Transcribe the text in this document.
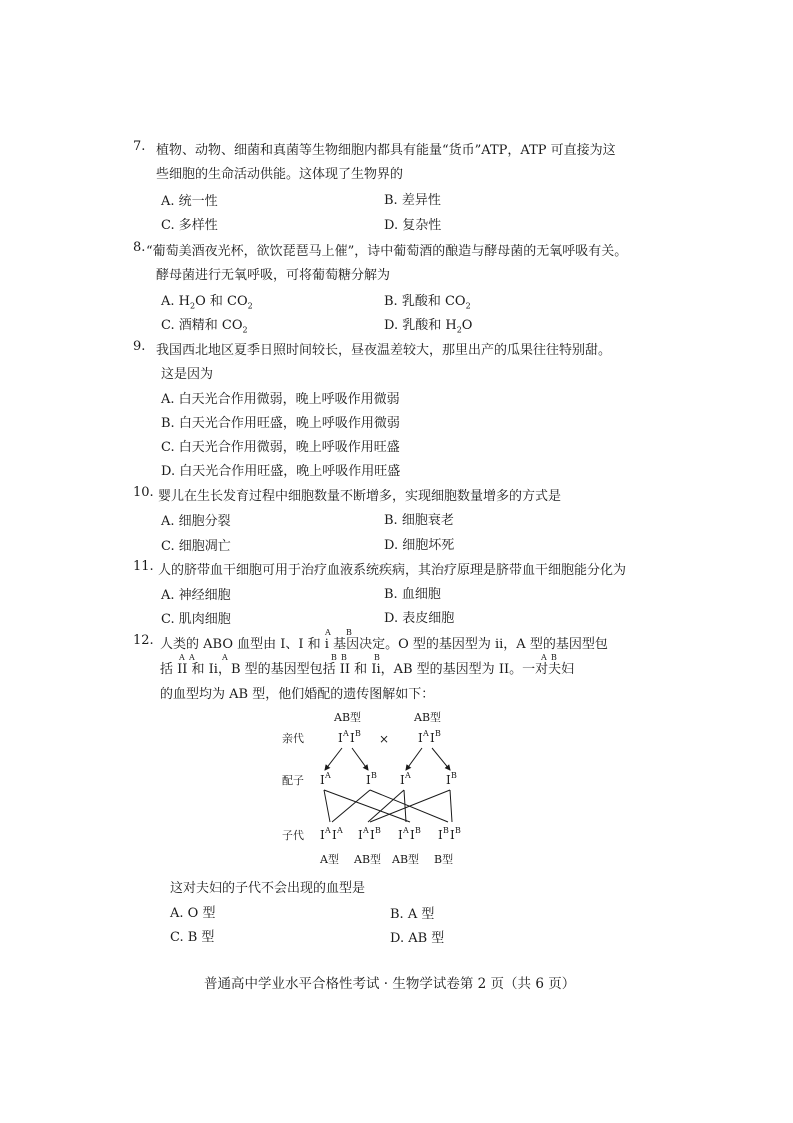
7. 植物、动物、细菌和真菌等生物细胞内都具有能量“货币”ATP，ATP 可直接为这
些细胞的生命活动供能。这体现了生物界的
A. 统一性	B. 差异性
C. 多样性	D. 复杂性
8. “葡萄美酒夜光杯，欲饮琵琶马上催”，诗中葡萄酒的酿造与酵母菌的无氧呼吸有关。
酵母菌进行无氧呼吸，可将葡萄糖分解为
A. $H_2O$ 和 $CO_2$	B. 乳酸和 $CO_2$
C. 酒精和 $CO_2$	D. 乳酸和 $H_2O$
9. 我国西北地区夏季日照时间较长，昼夜温差较大，那里出产的瓜果往往特别甜。
这是因为
A. 白天光合作用微弱，晚上呼吸作用微弱
B. 白天光合作用旺盛，晚上呼吸作用微弱
C. 白天光合作用微弱，晚上呼吸作用旺盛
D. 白天光合作用旺盛，晚上呼吸作用旺盛
10. 婴儿在生长发育过程中细胞数量不断增多，实现细胞数量增多的方式是
A. 细胞分裂	B. 细胞衰老
C. 细胞凋亡	D. 细胞坏死
11. 人的脐带血干细胞可用于治疗血液系统疾病，其治疗原理是脐带血干细胞能分化为
A. 神经细胞	B. 血细胞
C. 肌肉细胞	D. 表皮细胞
12. 人类的 ABO 血型由 I、I 和 i 基因决定。O 型的基因型为 ii，A 型的基因型包
括 II 和 Ii，B 型的基因型包括 II 和 Ii，AB 型的基因型为 II。一对夫妇
的血型均为 AB 型，他们婚配的遗传图解如下：
A B
A A	A	B B	B	A B
亲代
配子
子代
AB型	AB型
I A I B × I A I B
I A	I B I A	I B
I A I A I A I B I A I B I B I B
A型 AB型 AB型 B型
这对夫妇的子代不会出现的血型是
A. O 型	B. A 型
C. B 型	D. AB 型
普通高中学业水平合格性考试 · 生物学试卷第 2 页（共 6 页）
